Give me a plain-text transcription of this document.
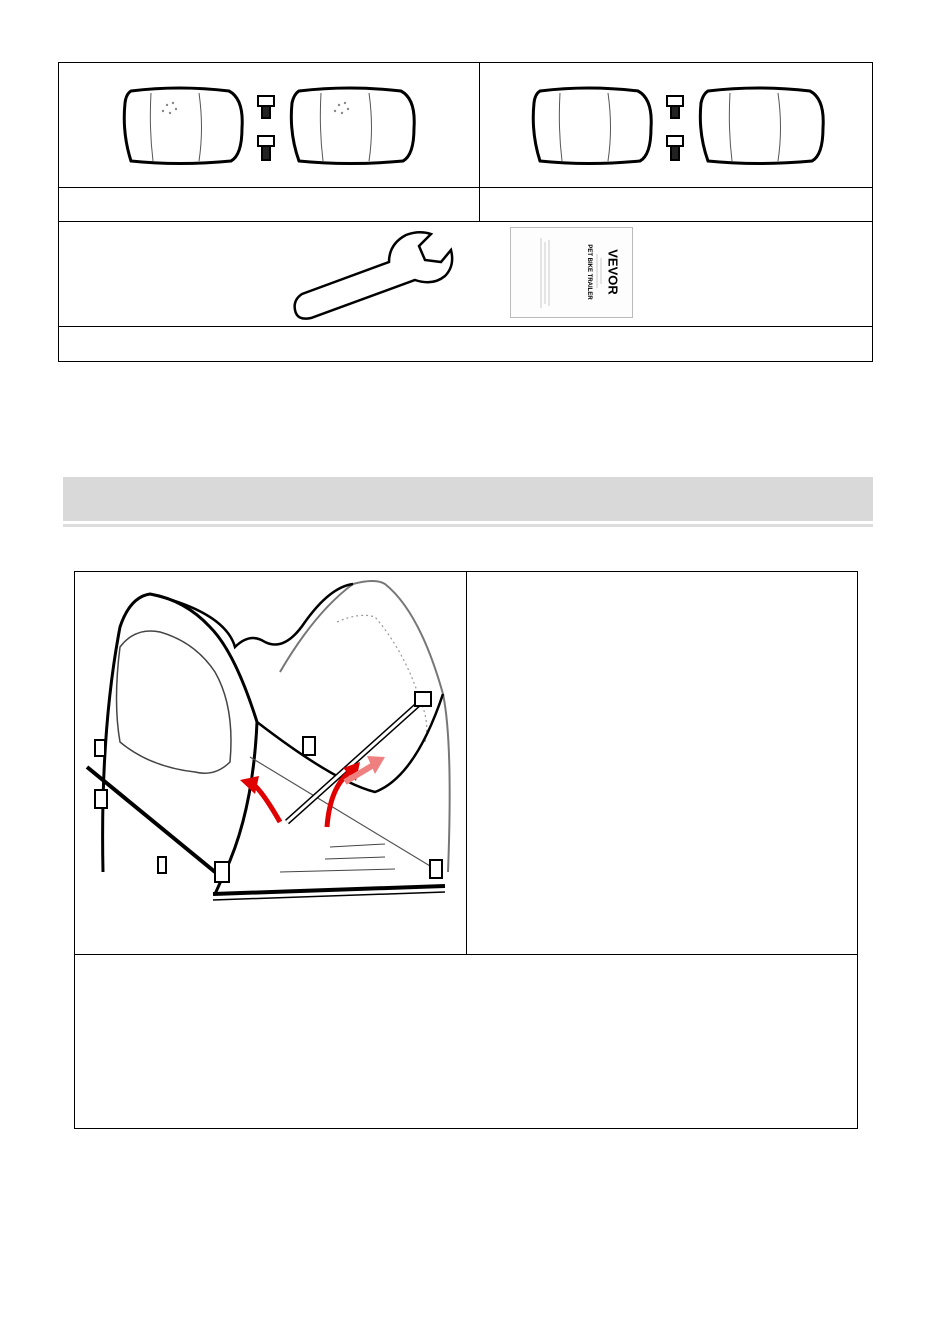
VEVOR
PET BIKE TRAILER
